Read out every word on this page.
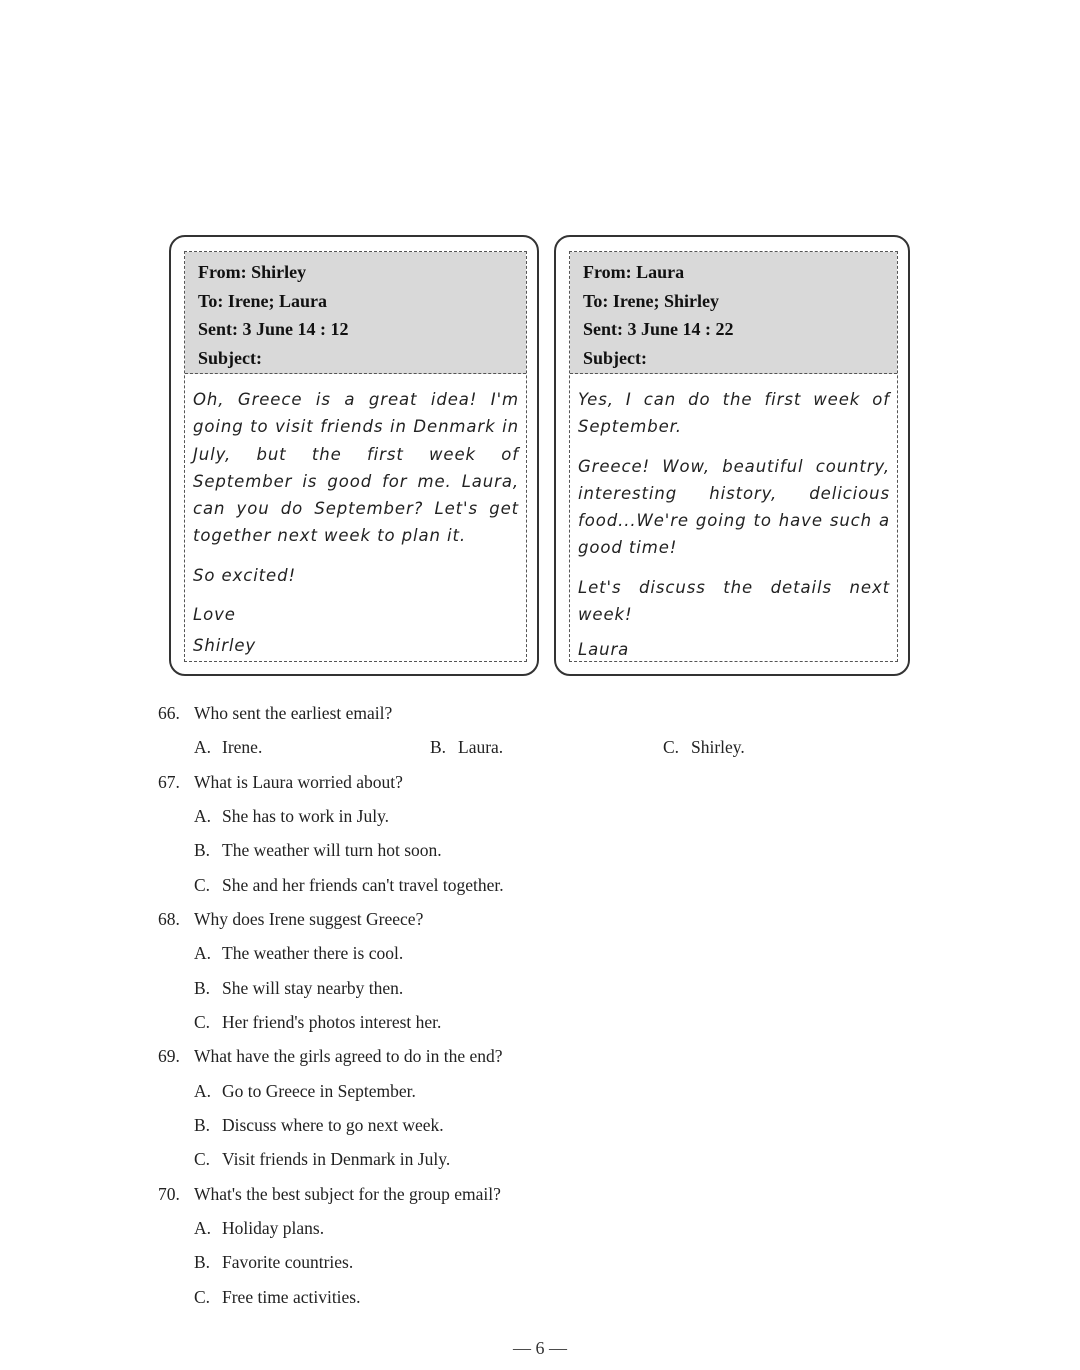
From: Shirley
To: Irene; Laura
Sent: 3 June 14 : 12
Subject:

Oh, Greece is a great idea! I'm going to visit friends in Denmark in July, but the first week of September is good for me. Laura, can you do September? Let's get together next week to plan it.

So excited!

Love

Shirley

From: Laura
To: Irene; Shirley
Sent: 3 June 14 : 22
Subject:

Yes, I can do the first week of September.

Greece! Wow, beautiful country, interesting history, delicious food...We're going to have such a good time!

Let's discuss the details next week!

Laura

66. Who sent the earliest email?
A. Irene.	B. Laura.	C. Shirley.
67. What is Laura worried about?
A. She has to work in July.
B. The weather will turn hot soon.
C. She and her friends can't travel together.
68. Why does Irene suggest Greece?
A. The weather there is cool.
B. She will stay nearby then.
C. Her friend's photos interest her.
69. What have the girls agreed to do in the end?
A. Go to Greece in September.
B. Discuss where to go next week.
C. Visit friends in Denmark in July.
70. What's the best subject for the group email?
A. Holiday plans.
B. Favorite countries.
C. Free time activities.
— 6 —
